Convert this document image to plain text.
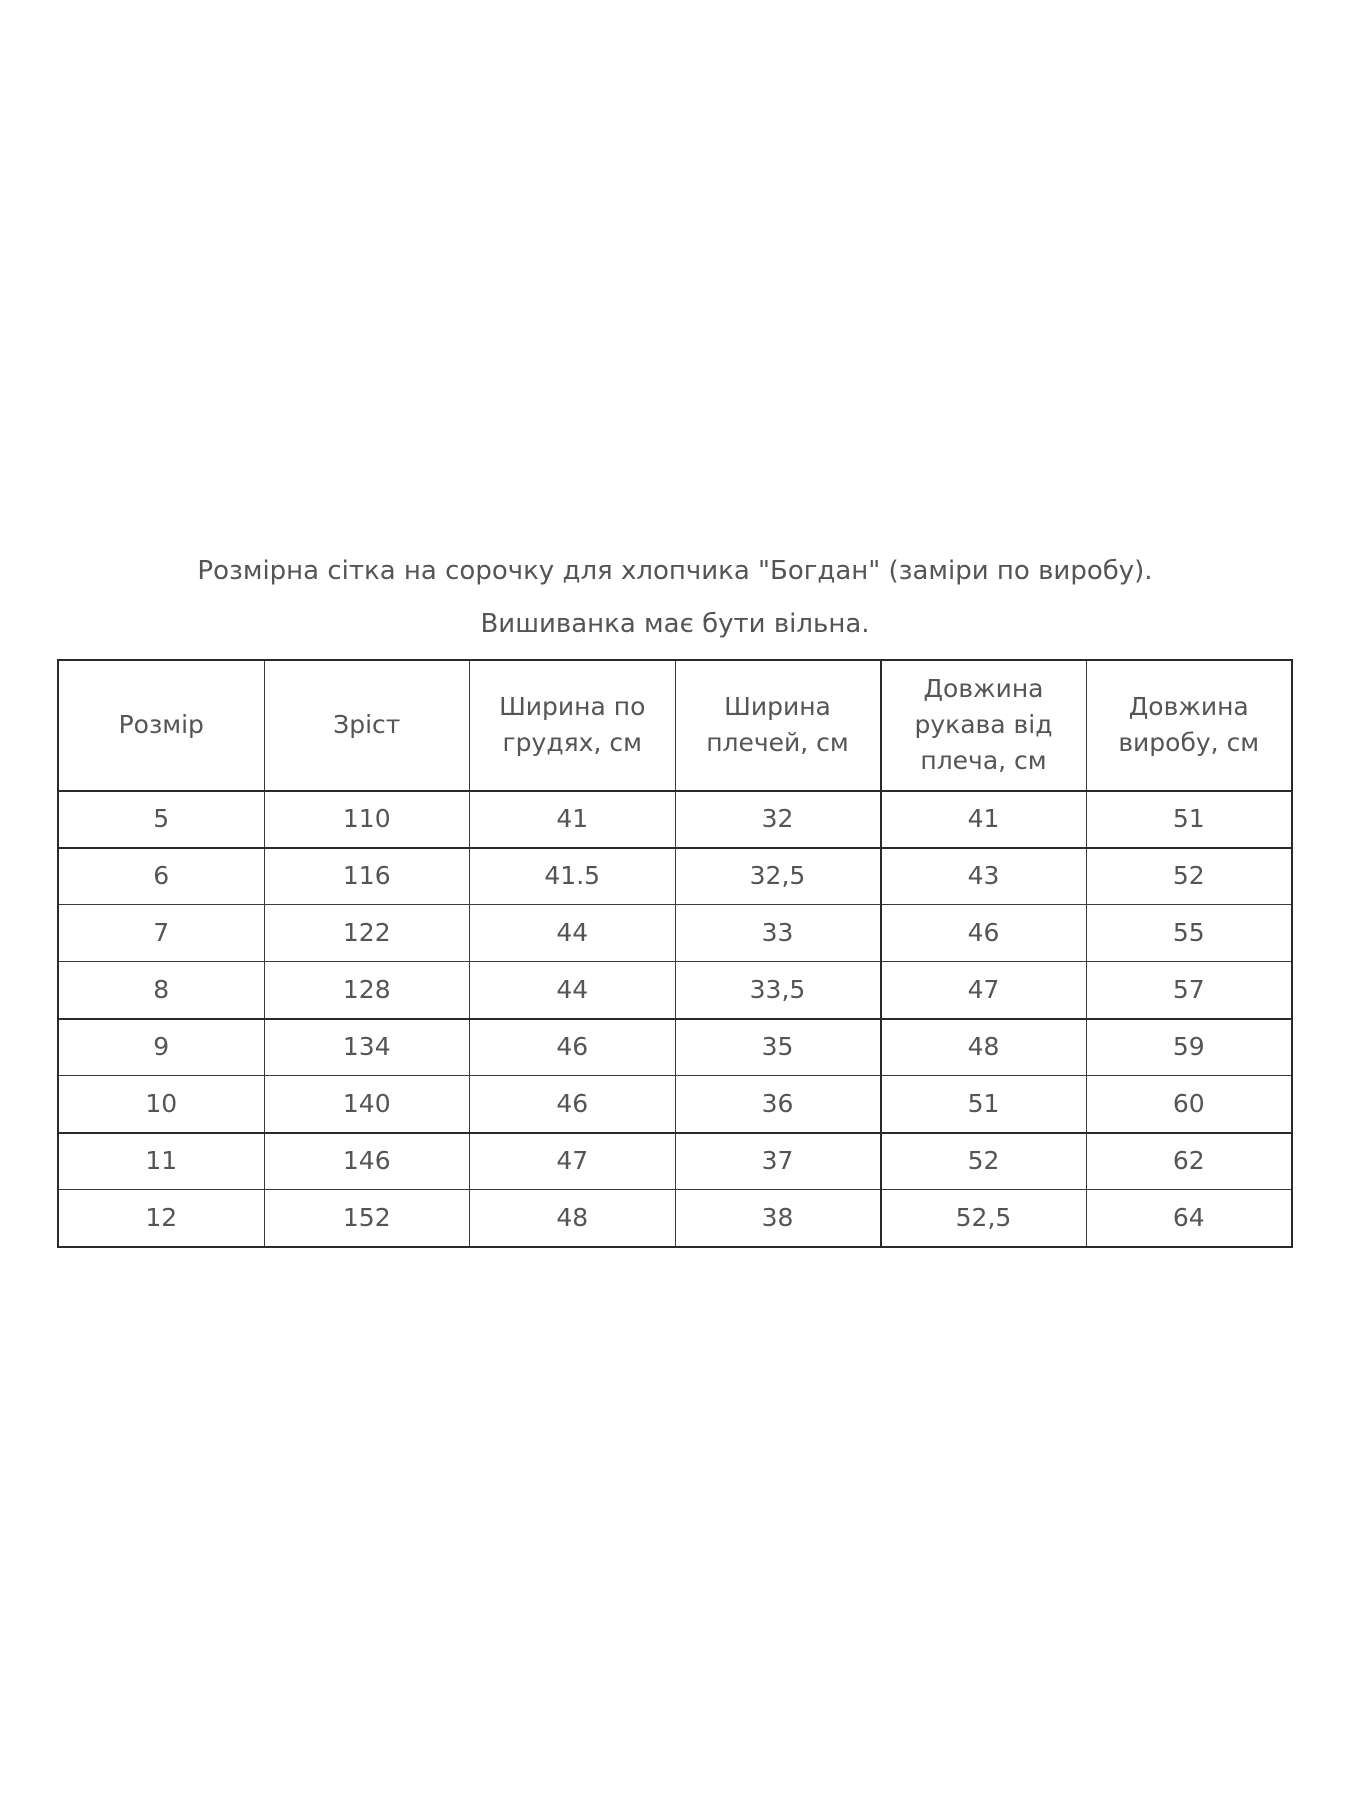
Розмірна сітка на сорочку для хлопчика "Богдан" (заміри по виробу).
Вишиванка має бути вільна.
Розмір	Зріст	Ширина по грудях, см	Ширина плечей, см	Довжина рукава від плеча, см	Довжина виробу, см
5	110	41	32	41	51
6	116	41.5	32,5	43	52
7	122	44	33	46	55
8	128	44	33,5	47	57
9	134	46	35	48	59
10	140	46	36	51	60
11	146	47	37	52	62
12	152	48	38	52,5	64
